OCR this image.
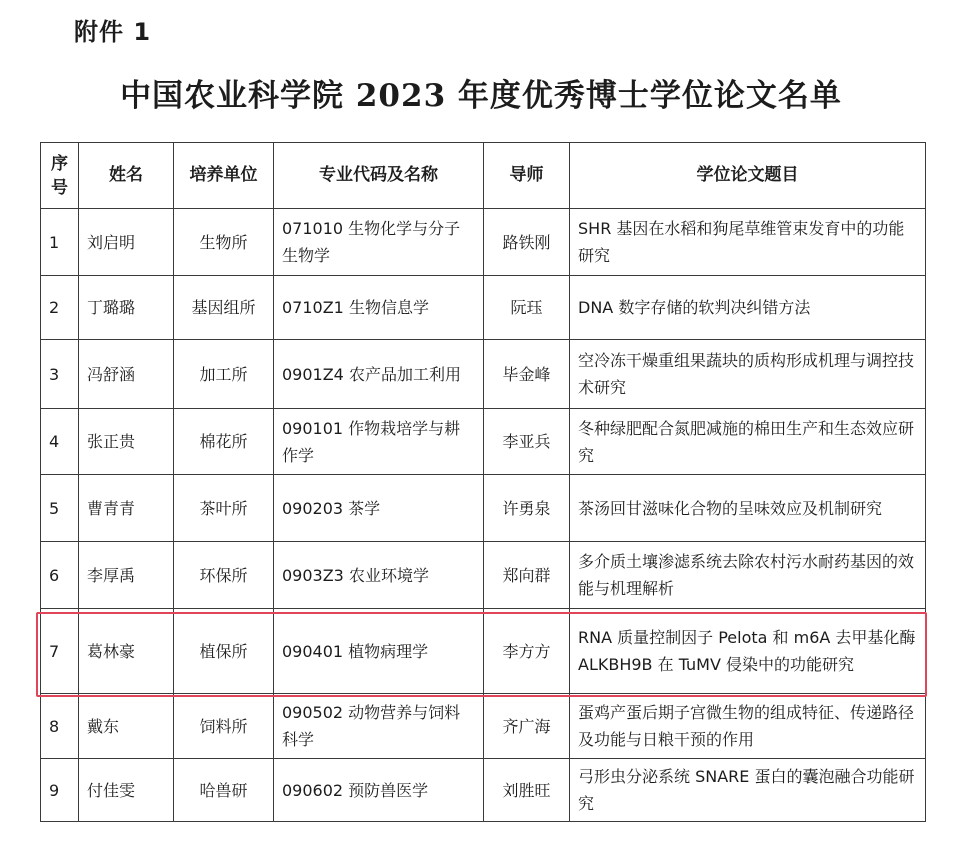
附件 1
中国农业科学院 2023 年度优秀博士学位论文名单
序号	姓名	培养单位	专业代码及名称	导师	学位论文题目
1	刘启明	生物所	071010 生物化学与分子生物学	路铁刚	SHR 基因在水稻和狗尾草维管束发育中的功能研究
2	丁璐璐	基因组所	0710Z1 生物信息学	阮珏	DNA 数字存储的软判决纠错方法
3	冯舒涵	加工所	0901Z4 农产品加工利用	毕金峰	空冷冻干燥重组果蔬块的质构形成机理与调控技术研究
4	张正贵	棉花所	090101 作物栽培学与耕作学	李亚兵	冬种绿肥配合氮肥减施的棉田生产和生态效应研究
5	曹青青	茶叶所	090203 茶学	许勇泉	茶汤回甘滋味化合物的呈味效应及机制研究
6	李厚禹	环保所	0903Z3 农业环境学	郑向群	多介质土壤渗滤系统去除农村污水耐药基因的效能与机理解析
7	葛林豪	植保所	090401 植物病理学	李方方	RNA 质量控制因子 Pelota 和 m6A 去甲基化酶 ALKBH9B 在 TuMV 侵染中的功能研究
8	戴东	饲料所	090502 动物营养与饲料科学	齐广海	蛋鸡产蛋后期子宫微生物的组成特征、传递路径及功能与日粮干预的作用
9	付佳雯	哈兽研	090602 预防兽医学	刘胜旺	弓形虫分泌系统 SNARE 蛋白的囊泡融合功能研究
